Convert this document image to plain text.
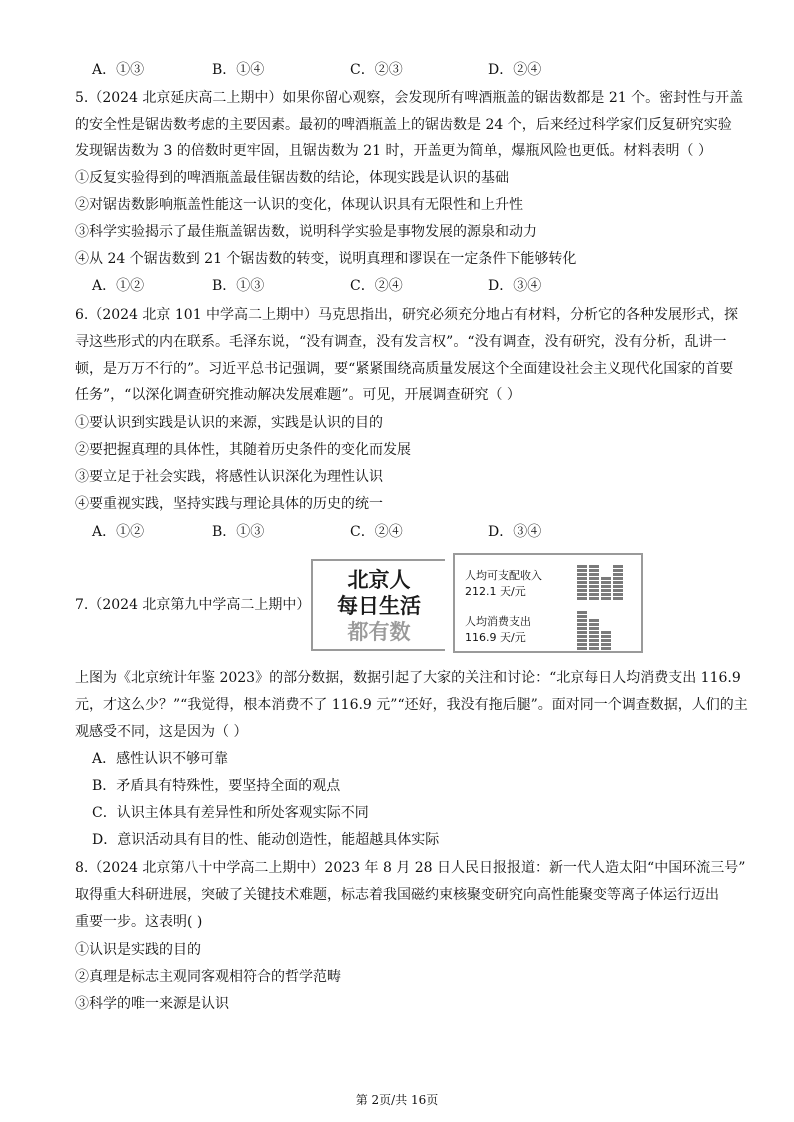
A．①③	B．①④	C．②③	D．②④
5.（2024 北京延庆高二上期中）如果你留心观察，会发现所有啤酒瓶盖的锯齿数都是 21 个。密封性与开盖
的安全性是锯齿数考虑的主要因素。最初的啤酒瓶盖上的锯齿数是 24 个，后来经过科学家们反复研究实验
发现锯齿数为 3 的倍数时更牢固，且锯齿数为 21 时，开盖更为简单，爆瓶风险也更低。材料表明（ ）
①反复实验得到的啤酒瓶盖最佳锯齿数的结论，体现实践是认识的基础
②对锯齿数影响瓶盖性能这一认识的变化，体现认识具有无限性和上升性
③科学实验揭示了最佳瓶盖锯齿数，说明科学实验是事物发展的源泉和动力
④从 24 个锯齿数到 21 个锯齿数的转变，说明真理和谬误在一定条件下能够转化
A．①②	B．①③	C．②④	D．③④
6.（2024 北京 101 中学高二上期中）马克思指出，研究必须充分地占有材料，分析它的各种发展形式，探
寻这些形式的内在联系。毛泽东说，“没有调查，没有发言权”。“没有调查，没有研究，没有分析，乱讲一
顿，是万万不行的”。习近平总书记强调，要“紧紧围绕高质量发展这个全面建设社会主义现代化国家的首要
任务”，“以深化调查研究推动解决发展难题”。可见，开展调查研究（ ）
①要认识到实践是认识的来源，实践是认识的目的
②要把握真理的具体性，其随着历史条件的变化而发展
③要立足于社会实践，将感性认识深化为理性认识
④要重视实践，坚持实践与理论具体的历史的统一
A．①②	B．①③	C．②④	D．③④
7.（2024 北京第九中学高二上期中）
北京人
每日生活
都有数
人均可支配收入
212.1 天/元
人均消费支出
116.9 天/元
上图为《北京统计年鉴 2023》的部分数据，数据引起了大家的关注和讨论：“北京每日人均消费支出 116.9
元，才这么少？”“我觉得，根本消费不了 116.9 元”“还好，我没有拖后腿”。面对同一个调查数据，人们的主
观感受不同，这是因为（ ）
A．感性认识不够可靠
B．矛盾具有特殊性，要坚持全面的观点
C．认识主体具有差异性和所处客观实际不同
D．意识活动具有目的性、能动创造性，能超越具体实际
8.（2024 北京第八十中学高二上期中）2023 年 8 月 28 日人民日报报道：新一代人造太阳“中国环流三号”
取得重大科研进展，突破了关键技术难题，标志着我国磁约束核聚变研究向高性能聚变等离子体运行迈出
重要一步。这表明( )
①认识是实践的目的
②真理是标志主观同客观相符合的哲学范畴
③科学的唯一来源是认识
第 2页/共 16页
